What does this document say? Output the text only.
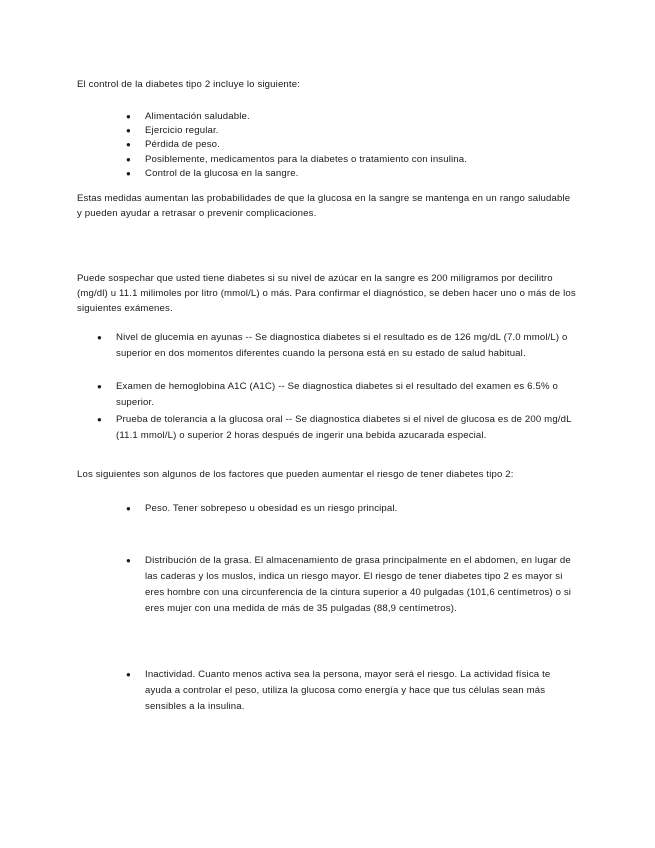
El control de la diabetes tipo 2 incluye lo siguiente:

● Alimentación saludable.
● Ejercicio regular.
● Pérdida de peso.
● Posiblemente, medicamentos para la diabetes o tratamiento con insulina.
● Control de la glucosa en la sangre.

Estas medidas aumentan las probabilidades de que la glucosa en la sangre se mantenga en un rango saludable y pueden ayudar a retrasar o prevenir complicaciones.

Puede sospechar que usted tiene diabetes si su nivel de azúcar en la sangre es 200 miligramos por decilitro (mg/dl) u 11.1 milimoles por litro (mmol/L) o más. Para confirmar el diagnóstico, se deben hacer uno o más de los siguientes exámenes.

● Nivel de glucemia en ayunas -- Se diagnostica diabetes si el resultado es de 126 mg/dL (7.0 mmol/L) o superior en dos momentos diferentes cuando la persona está en su estado de salud habitual.
● Examen de hemoglobina A1C (A1C) -- Se diagnostica diabetes si el resultado del examen es 6.5% o superior.
● Prueba de tolerancia a la glucosa oral -- Se diagnostica diabetes si el nivel de glucosa es de 200 mg/dL (11.1 mmol/L) o superior 2 horas después de ingerir una bebida azucarada especial.

Los siguientes son algunos de los factores que pueden aumentar el riesgo de tener diabetes tipo 2:

● Peso. Tener sobrepeso u obesidad es un riesgo principal.
● Distribución de la grasa. El almacenamiento de grasa principalmente en el abdomen, en lugar de las caderas y los muslos, indica un riesgo mayor. El riesgo de tener diabetes tipo 2 es mayor si eres hombre con una circunferencia de la cintura superior a 40 pulgadas (101,6 centímetros) o si eres mujer con una medida de más de 35 pulgadas (88,9 centímetros).
● Inactividad. Cuanto menos activa sea la persona, mayor será el riesgo. La actividad física te ayuda a controlar el peso, utiliza la glucosa como energía y hace que tus células sean más sensibles a la insulina.
